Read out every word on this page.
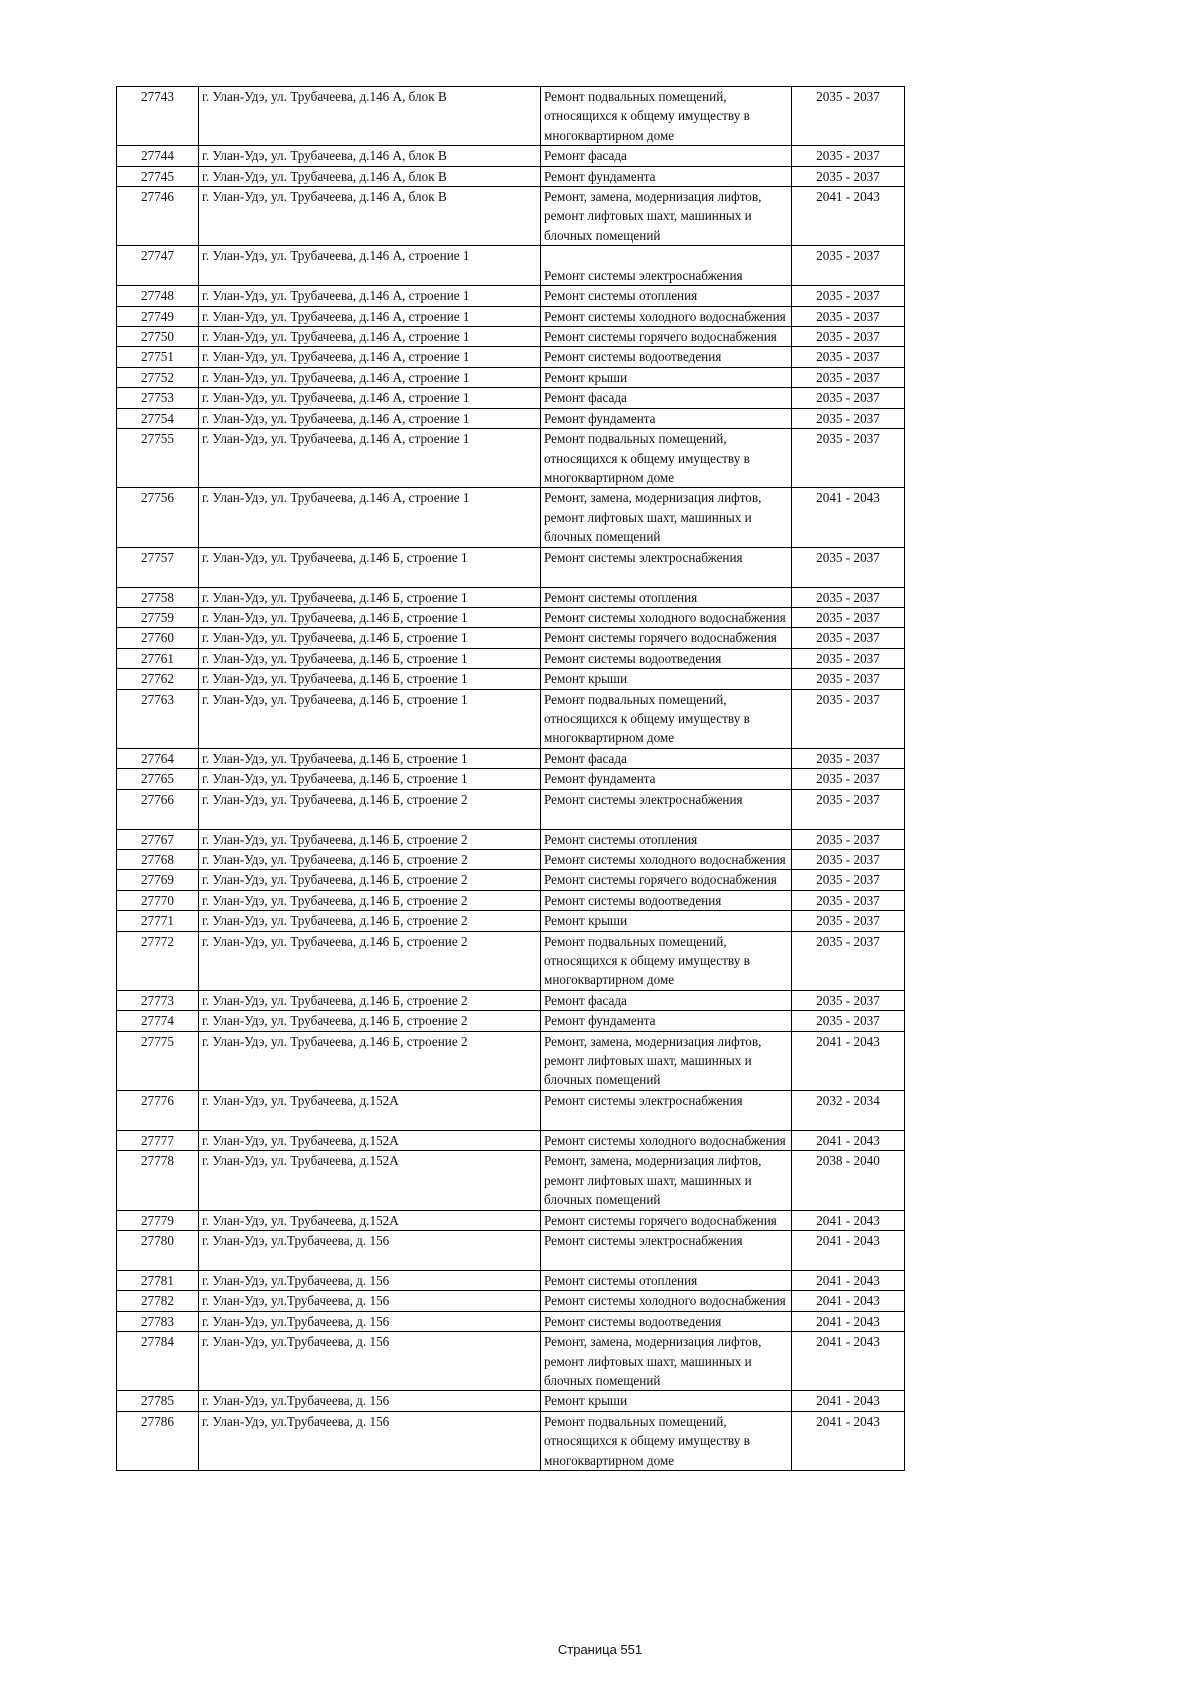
27743	г. Улан-Удэ, ул. Трубачеева, д.146 А, блок В	Ремонт подвальных помещений, относящихся к общему имуществу в многоквартирном доме	2035 - 2037
27744	г. Улан-Удэ, ул. Трубачеева, д.146 А, блок В	Ремонт фасада	2035 - 2037
27745	г. Улан-Удэ, ул. Трубачеева, д.146 А, блок В	Ремонт фундамента	2035 - 2037
27746	г. Улан-Удэ, ул. Трубачеева, д.146 А, блок В	Ремонт, замена, модернизация лифтов, ремонт лифтовых шахт, машинных и блочных помещений	2041 - 2043
27747	г. Улан-Удэ, ул. Трубачеева, д.146 А, строение 1	Ремонт системы электроснабжения	2035 - 2037
27748	г. Улан-Удэ, ул. Трубачеева, д.146 А, строение 1	Ремонт системы отопления	2035 - 2037
27749	г. Улан-Удэ, ул. Трубачеева, д.146 А, строение 1	Ремонт системы холодного водоснабжения	2035 - 2037
27750	г. Улан-Удэ, ул. Трубачеева, д.146 А, строение 1	Ремонт системы горячего водоснабжения	2035 - 2037
27751	г. Улан-Удэ, ул. Трубачеева, д.146 А, строение 1	Ремонт системы водоотведения	2035 - 2037
27752	г. Улан-Удэ, ул. Трубачеева, д.146 А, строение 1	Ремонт крыши	2035 - 2037
27753	г. Улан-Удэ, ул. Трубачеева, д.146 А, строение 1	Ремонт фасада	2035 - 2037
27754	г. Улан-Удэ, ул. Трубачеева, д.146 А, строение 1	Ремонт фундамента	2035 - 2037
27755	г. Улан-Удэ, ул. Трубачеева, д.146 А, строение 1	Ремонт подвальных помещений, относящихся к общему имуществу в многоквартирном доме	2035 - 2037
27756	г. Улан-Удэ, ул. Трубачеева, д.146 А, строение 1	Ремонт, замена, модернизация лифтов, ремонт лифтовых шахт, машинных и блочных помещений	2041 - 2043
27757	г. Улан-Удэ, ул. Трубачеева, д.146 Б, строение 1	Ремонт системы электроснабжения	2035 - 2037
27758	г. Улан-Удэ, ул. Трубачеева, д.146 Б, строение 1	Ремонт системы отопления	2035 - 2037
27759	г. Улан-Удэ, ул. Трубачеева, д.146 Б, строение 1	Ремонт системы холодного водоснабжения	2035 - 2037
27760	г. Улан-Удэ, ул. Трубачеева, д.146 Б, строение 1	Ремонт системы горячего водоснабжения	2035 - 2037
27761	г. Улан-Удэ, ул. Трубачеева, д.146 Б, строение 1	Ремонт системы водоотведения	2035 - 2037
27762	г. Улан-Удэ, ул. Трубачеева, д.146 Б, строение 1	Ремонт крыши	2035 - 2037
27763	г. Улан-Удэ, ул. Трубачеева, д.146 Б, строение 1	Ремонт подвальных помещений, относящихся к общему имуществу в многоквартирном доме	2035 - 2037
27764	г. Улан-Удэ, ул. Трубачеева, д.146 Б, строение 1	Ремонт фасада	2035 - 2037
27765	г. Улан-Удэ, ул. Трубачеева, д.146 Б, строение 1	Ремонт фундамента	2035 - 2037
27766	г. Улан-Удэ, ул. Трубачеева, д.146 Б, строение 2	Ремонт системы электроснабжения	2035 - 2037
27767	г. Улан-Удэ, ул. Трубачеева, д.146 Б, строение 2	Ремонт системы отопления	2035 - 2037
27768	г. Улан-Удэ, ул. Трубачеева, д.146 Б, строение 2	Ремонт системы холодного водоснабжения	2035 - 2037
27769	г. Улан-Удэ, ул. Трубачеева, д.146 Б, строение 2	Ремонт системы горячего водоснабжения	2035 - 2037
27770	г. Улан-Удэ, ул. Трубачеева, д.146 Б, строение 2	Ремонт системы водоотведения	2035 - 2037
27771	г. Улан-Удэ, ул. Трубачеева, д.146 Б, строение 2	Ремонт крыши	2035 - 2037
27772	г. Улан-Удэ, ул. Трубачеева, д.146 Б, строение 2	Ремонт подвальных помещений, относящихся к общему имуществу в многоквартирном доме	2035 - 2037
27773	г. Улан-Удэ, ул. Трубачеева, д.146 Б, строение 2	Ремонт фасада	2035 - 2037
27774	г. Улан-Удэ, ул. Трубачеева, д.146 Б, строение 2	Ремонт фундамента	2035 - 2037
27775	г. Улан-Удэ, ул. Трубачеева, д.146 Б, строение 2	Ремонт, замена, модернизация лифтов, ремонт лифтовых шахт, машинных и блочных помещений	2041 - 2043
27776	г. Улан-Удэ, ул. Трубачеева, д.152А	Ремонт системы электроснабжения	2032 - 2034
27777	г. Улан-Удэ, ул. Трубачеева, д.152А	Ремонт системы холодного водоснабжения	2041 - 2043
27778	г. Улан-Удэ, ул. Трубачеева, д.152А	Ремонт, замена, модернизация лифтов, ремонт лифтовых шахт, машинных и блочных помещений	2038 - 2040
27779	г. Улан-Удэ, ул. Трубачеева, д.152А	Ремонт системы горячего водоснабжения	2041 - 2043
27780	г. Улан-Удэ, ул.Трубачеева, д. 156	Ремонт системы электроснабжения	2041 - 2043
27781	г. Улан-Удэ, ул.Трубачеева, д. 156	Ремонт системы отопления	2041 - 2043
27782	г. Улан-Удэ, ул.Трубачеева, д. 156	Ремонт системы холодного водоснабжения	2041 - 2043
27783	г. Улан-Удэ, ул.Трубачеева, д. 156	Ремонт системы водоотведения	2041 - 2043
27784	г. Улан-Удэ, ул.Трубачеева, д. 156	Ремонт, замена, модернизация лифтов, ремонт лифтовых шахт, машинных и блочных помещений	2041 - 2043
27785	г. Улан-Удэ, ул.Трубачеева, д. 156	Ремонт крыши	2041 - 2043
27786	г. Улан-Удэ, ул.Трубачеева, д. 156	Ремонт подвальных помещений, относящихся к общему имуществу в многоквартирном доме	2041 - 2043
Страница 551
